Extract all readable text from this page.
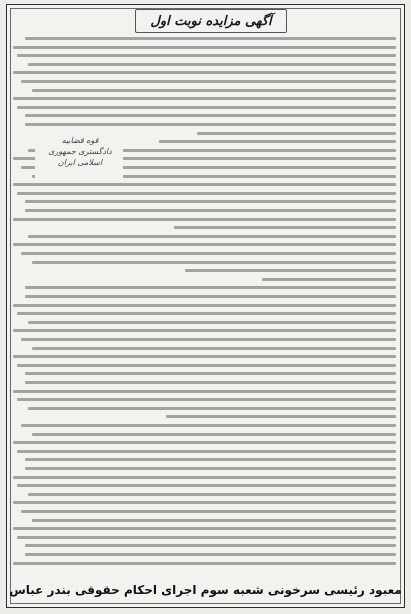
آگهی مزایده نوبت اول
قوه قضاییه
دادگستری جمهوری اسلامی ایران
معبود رئیسی سرخونی شعبه سوم اجرای احکام حقوقی بندر عباس
